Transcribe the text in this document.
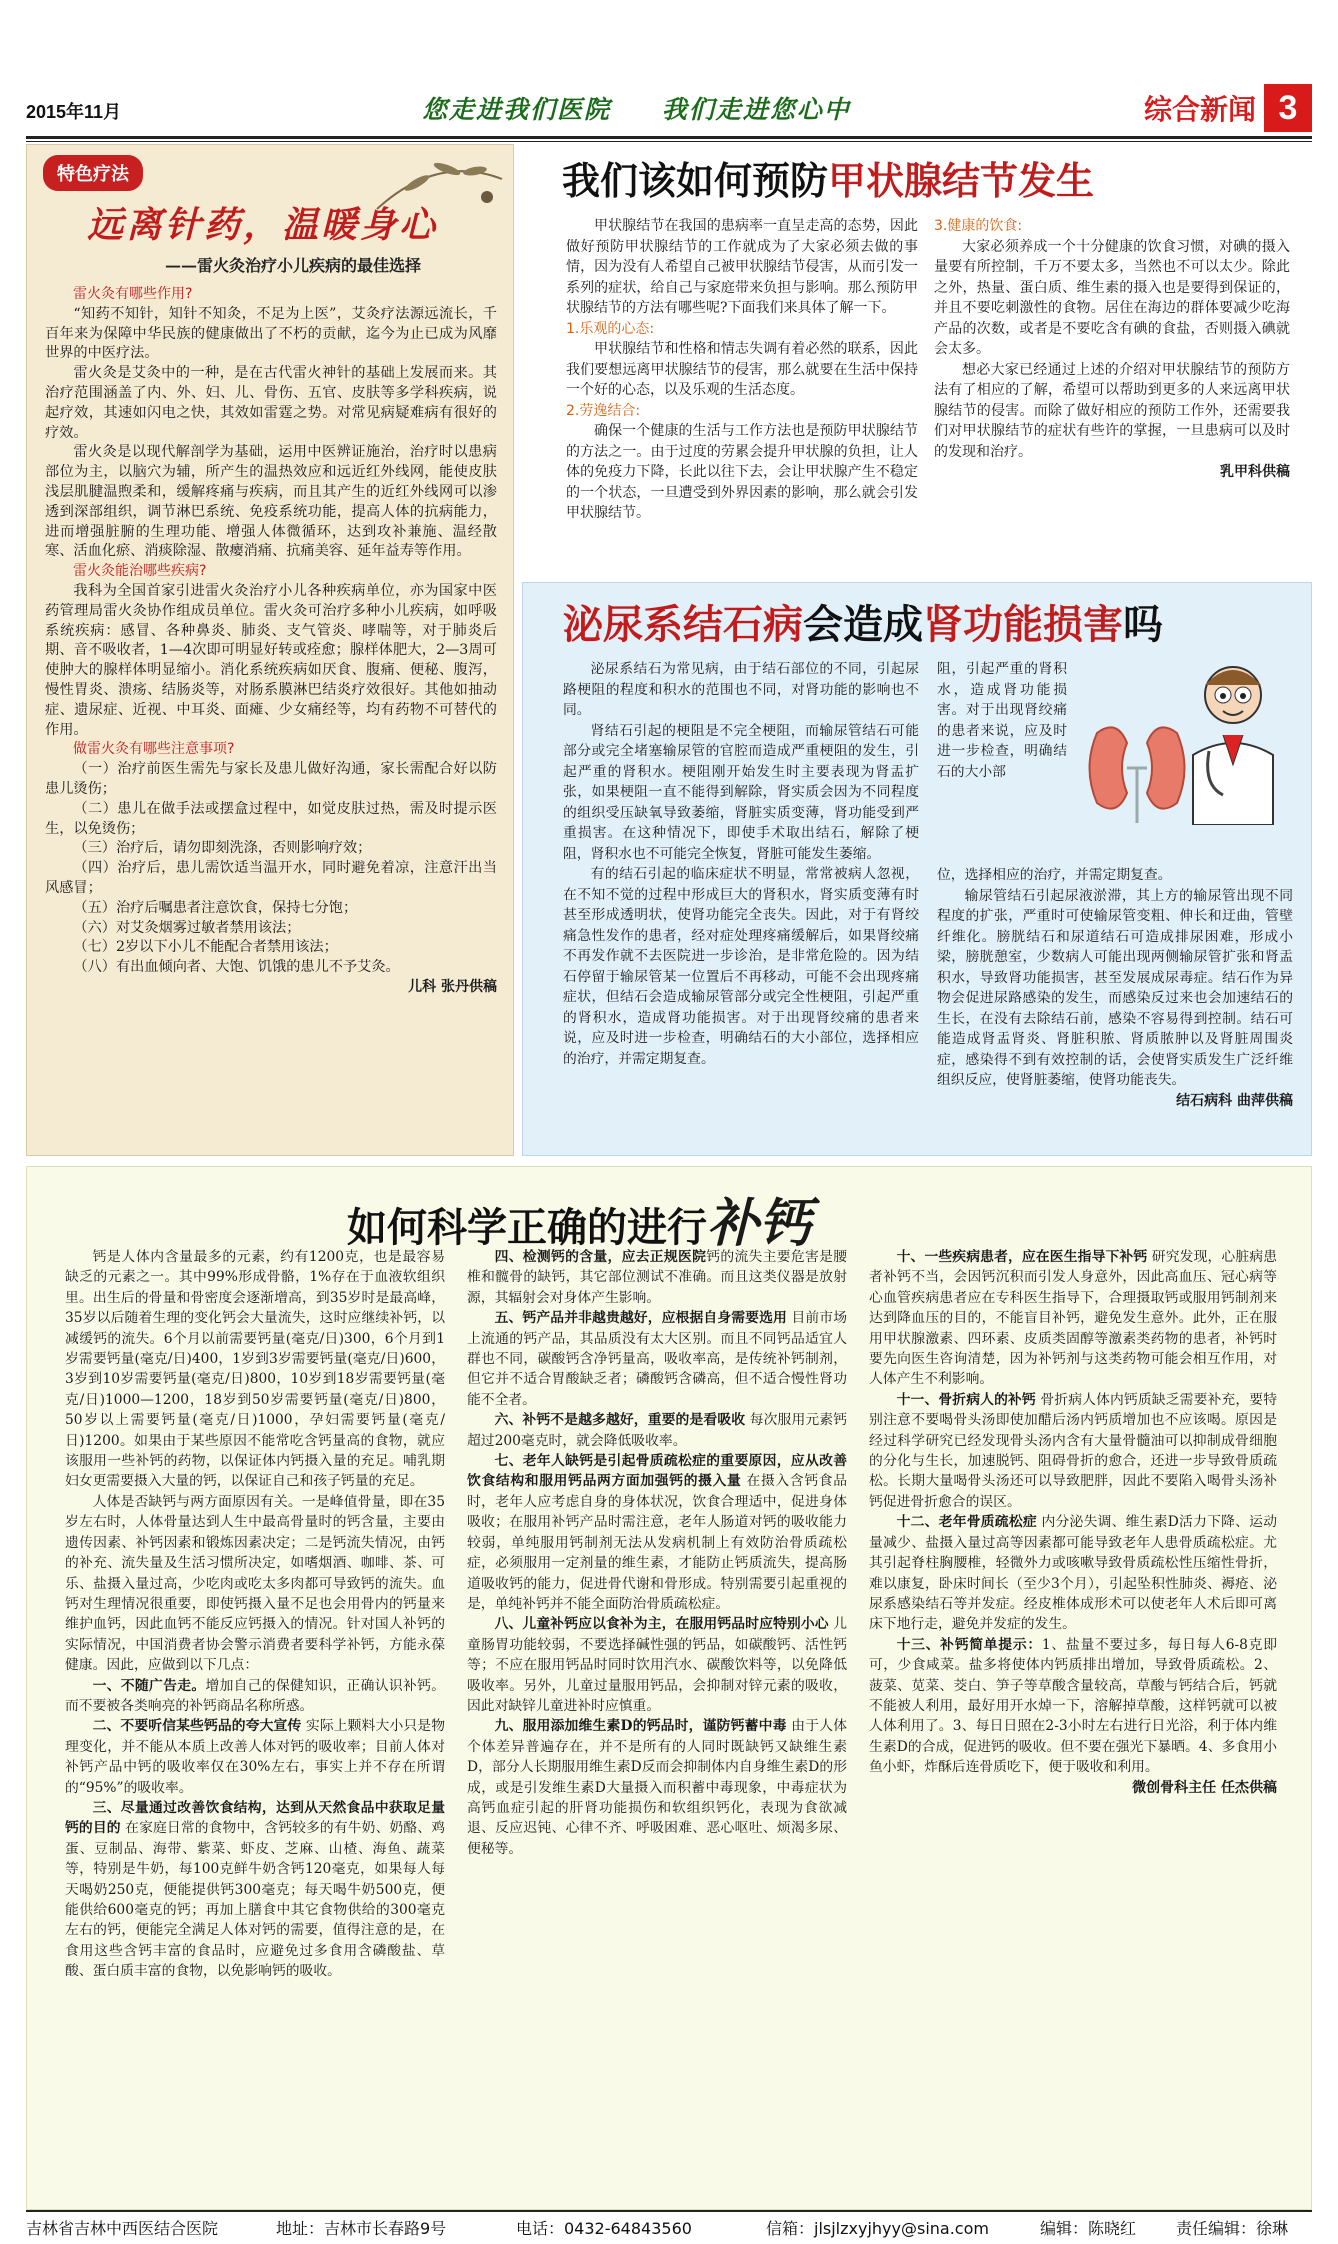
2015年11月	您走进我们医院 我们走进您心中	综合新闻 3
特色疗法
远离针药，温暖身心
——雷火灸治疗小儿疾病的最佳选择
雷火灸有哪些作用?

“知药不知针，知针不知灸，不足为上医”，艾灸疗法源远流长，千百年来为保障中华民族的健康做出了不朽的贡献，迄今为止已成为风靡世界的中医疗法。

雷火灸是艾灸中的一种，是在古代雷火神针的基础上发展而来。其治疗范围涵盖了内、外、妇、儿、骨伤、五官、皮肤等多学科疾病，说起疗效，其速如闪电之快，其效如雷霆之势。对常见病疑难病有很好的疗效。

雷火灸是以现代解剖学为基础，运用中医辨证施治，治疗时以患病部位为主，以脑穴为辅，所产生的温热效应和远近红外线网，能使皮肤浅层肌腱温煦柔和，缓解疼痛与疾病，而且其产生的近红外线网可以渗透到深部组织，调节淋巴系统、免疫系统功能，提高人体的抗病能力，进而增强脏腑的生理功能、增强人体微循环，达到攻补兼施、温经散寒、活血化瘀、消痰除湿、散瘿消痛、抗痛美容、延年益寿等作用。

雷火灸能治哪些疾病?

我科为全国首家引进雷火灸治疗小儿各种疾病单位，亦为国家中医药管理局雷火灸协作组成员单位。雷火灸可治疗多种小儿疾病，如呼吸系统疾病：感冒、各种鼻炎、肺炎、支气管炎、哮喘等，对于肺炎后期、音不吸收者，1—4次即可明显好转或痊愈；腺样体肥大，2—3周可使肿大的腺样体明显缩小。消化系统疾病如厌食、腹痛、便秘、腹泻，慢性胃炎、溃疡、结肠炎等，对肠系膜淋巴结炎疗效很好。其他如抽动症、遗尿症、近视、中耳炎、面瘫、少女痛经等，均有药物不可替代的作用。

做雷火灸有哪些注意事项?

（一）治疗前医生需先与家长及患儿做好沟通，家长需配合好以防患儿烫伤；

（二）患儿在做手法或摆盒过程中，如觉皮肤过热，需及时提示医生，以免烫伤；

（三）治疗后，请勿即刻洗涤，否则影响疗效；

（四）治疗后，患儿需饮适当温开水，同时避免着凉，注意汗出当风感冒；

（五）治疗后嘱患者注意饮食，保持七分饱；

（六）对艾灸烟雾过敏者禁用该法；

（七）2岁以下小儿不能配合者禁用该法；

（八）有出血倾向者、大饱、饥饿的患儿不予艾灸。

儿科 张丹供稿
我们该如何预防甲状腺结节发生

甲状腺结节在我国的患病率一直呈走高的态势，因此做好预防甲状腺结节的工作就成为了大家必须去做的事情，因为没有人希望自己被甲状腺结节侵害，从而引发一系列的症状，给自己与家庭带来负担与影响。那么预防甲状腺结节的方法有哪些呢?下面我们来具体了解一下。

1.乐观的心态:

甲状腺结节和性格和情志失调有着必然的联系，因此我们要想远离甲状腺结节的侵害，那么就要在生活中保持一个好的心态，以及乐观的生活态度。

2.劳逸结合:

确保一个健康的生活与工作方法也是预防甲状腺结节的方法之一。由于过度的劳累会提升甲状腺的负担，让人体的免疫力下降，长此以往下去，会让甲状腺产生不稳定的一个状态，一旦遭受到外界因素的影响，那么就会引发甲状腺结节。

3.健康的饮食:

大家必须养成一个十分健康的饮食习惯，对碘的摄入量要有所控制，千万不要太多，当然也不可以太少。除此之外，热量、蛋白质、维生素的摄入也是要得到保证的，并且不要吃刺激性的食物。居住在海边的群体要减少吃海产品的次数，或者是不要吃含有碘的食盐，否则摄入碘就会太多。

想必大家已经通过上述的介绍对甲状腺结节的预防方法有了相应的了解，希望可以帮助到更多的人来远离甲状腺结节的侵害。而除了做好相应的预防工作外，还需要我们对甲状腺结节的症状有些许的掌握，一旦患病可以及时的发现和治疗。

乳甲科供稿
泌尿系结石病会造成肾功能损害吗

泌尿系结石为常见病，由于结石部位的不同，引起尿路梗阻的程度和积水的范围也不同，对肾功能的影响也不同。

肾结石引起的梗阻是不完全梗阻，而输尿管结石可能部分或完全堵塞输尿管的官腔而造成严重梗阻的发生，引起严重的肾积水。梗阻刚开始发生时主要表现为肾盂扩张，如果梗阻一直不能得到解除，肾实质会因为不同程度的组织受压缺氧导致萎缩，肾脏实质变薄，肾功能受到严重损害。在这种情况下，即使手术取出结石，解除了梗阻，肾积水也不可能完全恢复，肾脏可能发生萎缩。

有的结石引起的临床症状不明显，常常被病人忽视，在不知不觉的过程中形成巨大的肾积水，肾实质变薄有时甚至形成透明状，使肾功能完全丧失。因此，对于有肾绞痛急性发作的患者，经对症处理疼痛缓解后，如果肾绞痛不再发作就不去医院进一步诊治，是非常危险的。因为结石停留于输尿管某一位置后不再移动，可能不会出现疼痛症状，但结石会造成输尿管部分或完全性梗阻，引起严重的肾积水，造成肾功能损害。对于出现肾绞痛的患者来说，应及时进一步检查，明确结石的大小部位，选择相应的治疗，并需定期复查。

阻，引起严重的肾积水，造成肾功能损害。对于出现肾绞痛的患者来说，应及时进一步检查，明确结石的大小部

位，选择相应的治疗，并需定期复查。

输尿管结石引起尿液淤滞，其上方的输尿管出现不同程度的扩张，严重时可使输尿管变粗、伸长和迂曲，管壁纤维化。膀胱结石和尿道结石可造成排尿困难，形成小梁，膀胱憩室，少数病人可能出现两侧输尿管扩张和肾盂积水，导致肾功能损害，甚至发展成尿毒症。结石作为异物会促进尿路感染的发生，而感染反过来也会加速结石的生长，在没有去除结石前，感染不容易得到控制。结石可能造成肾盂肾炎、肾脏积脓、肾质脓肿以及肾脏周围炎症，感染得不到有效控制的话，会使肾实质发生广泛纤维组织反应，使肾脏萎缩，使肾功能丧失。

结石病科 曲萍供稿
如何科学正确的进行补钙

钙是人体内含量最多的元素，约有1200克，也是最容易缺乏的元素之一。其中99%形成骨骼，1%存在于血液软组织里。出生后的骨量和骨密度会逐渐增高，到35岁时是最高峰，35岁以后随着生理的变化钙会大量流失，这时应继续补钙，以减缓钙的流失。6个月以前需要钙量(毫克/日)300，6个月到1岁需要钙量(毫克/日)400，1岁到3岁需要钙量(毫克/日)600，3岁到10岁需要钙量(毫克/日)800，10岁到18岁需要钙量(毫克/日)1000—1200，18岁到50岁需要钙量(毫克/日)800，50岁以上需要钙量(毫克/日)1000，孕妇需要钙量(毫克/日)1200。如果由于某些原因不能常吃含钙量高的食物，就应该服用一些补钙的药物，以保证体内钙摄入量的充足。哺乳期妇女更需要摄入大量的钙，以保证自己和孩子钙量的充足。

人体是否缺钙与两方面原因有关。一是峰值骨量，即在35岁左右时，人体骨量达到人生中最高骨量时的钙含量，主要由遗传因素、补钙因素和锻炼因素决定；二是钙流失情况，由钙的补充、流失量及生活习惯所决定，如嗜烟酒、咖啡、茶、可乐、盐摄入量过高，少吃肉或吃太多肉都可导致钙的流失。血钙对生理情况很重要，即使钙摄入量不足也会用骨内的钙量来维护血钙，因此血钙不能反应钙摄入的情况。针对国人补钙的实际情况，中国消费者协会警示消费者要科学补钙，方能永葆健康。因此，应做到以下几点：

一、不随广告走。增加自己的保健知识，正确认识补钙。而不要被各类响亮的补钙商品名称所惑。

二、不要听信某些钙品的夸大宣传 实际上颗料大小只是物理变化，并不能从本质上改善人体对钙的吸收率；目前人体对补钙产品中钙的吸收率仅在30%左右，事实上并不存在所谓的“95%”的吸收率。

三、尽量通过改善饮食结构，达到从天然食品中获取足量钙的目的 在家庭日常的食物中，含钙较多的有牛奶、奶酪、鸡蛋、豆制品、海带、紫菜、虾皮、芝麻、山楂、海鱼、蔬菜等，特别是牛奶，每100克鲜牛奶含钙120毫克，如果每人每天喝奶250克，便能提供钙300毫克；每天喝牛奶500克，便能供给600毫克的钙；再加上膳食中其它食物供给的300毫克左右的钙，便能完全满足人体对钙的需要，值得注意的是，在食用这些含钙丰富的食品时，应避免过多食用含磷酸盐、草酸、蛋白质丰富的食物，以免影响钙的吸收。

四、检测钙的含量，应去正规医院钙的流失主要危害是腰椎和髋骨的缺钙，其它部位测试不准确。而且这类仪器是放射源，其辐射会对身体产生影响。

五、钙产品并非越贵越好，应根据自身需要选用 目前市场上流通的钙产品，其品质没有太大区别。而且不同钙品适宜人群也不同，碳酸钙含净钙量高，吸收率高，是传统补钙制剂，但它并不适合胃酸缺乏者；磷酸钙含磷高，但不适合慢性肾功能不全者。

六、补钙不是越多越好，重要的是看吸收 每次服用元素钙超过200毫克时，就会降低吸收率。

七、老年人缺钙是引起骨质疏松症的重要原因，应从改善饮食结构和服用钙品两方面加强钙的摄入量 在摄入含钙食品时，老年人应考虑自身的身体状况，饮食合理适中，促进身体吸收；在服用补钙产品时需注意，老年人肠道对钙的吸收能力较弱，单纯服用钙制剂无法从发病机制上有效防治骨质疏松症，必须服用一定剂量的维生素，才能防止钙质流失，提高肠道吸收钙的能力，促进骨代谢和骨形成。特别需要引起重视的是，单纯补钙并不能全面防治骨质疏松症。

八、儿童补钙应以食补为主，在服用钙品时应特别小心 儿童肠胃功能较弱，不要选择碱性强的钙品，如碳酸钙、活性钙等；不应在服用钙品时同时饮用汽水、碳酸饮料等，以免降低吸收率。另外，儿童过量服用钙品，会抑制对锌元素的吸收，因此对缺锌儿童进补时应慎重。

九、服用添加维生素D的钙品时，谨防钙蓄中毒 由于人体个体差异普遍存在，并不是所有的人同时既缺钙又缺维生素D，部分人长期服用维生素D反而会抑制体内自身维生素D的形成，或是引发维生素D大量摄入而积蓄中毒现象，中毒症状为高钙血症引起的肝肾功能损伤和软组织钙化，表现为食欲减退、反应迟钝、心律不齐、呼吸困难、恶心呕吐、烦渴多尿、便秘等。

十、一些疾病患者，应在医生指导下补钙 研究发现，心脏病患者补钙不当，会因钙沉积而引发人身意外，因此高血压、冠心病等心血管疾病患者应在专科医生指导下，合理摄取钙或服用钙制剂来达到降血压的目的，不能盲目补钙，避免发生意外。此外，正在服用甲状腺激素、四环素、皮质类固醇等激素类药物的患者，补钙时要先向医生咨询清楚，因为补钙剂与这类药物可能会相互作用，对人体产生不利影响。

十一、骨折病人的补钙 骨折病人体内钙质缺乏需要补充，要特别注意不要喝骨头汤即使加醋后汤内钙质增加也不应该喝。原因是经过科学研究已经发现骨头汤内含有大量骨髓油可以抑制成骨细胞的分化与生长，加速脱钙、阻碍骨折的愈合，还进一步导致骨质疏松。长期大量喝骨头汤还可以导致肥胖，因此不要陷入喝骨头汤补钙促进骨折愈合的误区。

十二、老年骨质疏松症 内分泌失调、维生素D活力下降、运动量减少、盐摄入量过高等因素都可能导致老年人患骨质疏松症。尤其引起脊柱胸腰椎，轻微外力或咳嗽导致骨质疏松性压缩性骨折，难以康复，卧床时间长（至少3个月），引起坠积性肺炎、褥疮、泌尿系感染结石等并发症。经皮椎体成形术可以使老年人术后即可离床下地行走，避免并发症的发生。

十三、补钙简单提示：1、盐量不要过多，每日每人6-8克即可，少食咸菜。盐多将使体内钙质排出增加，导致骨质疏松。2、菠菜、苋菜、茭白、笋子等草酸含量较高，草酸与钙结合后，钙就不能被人利用，最好用开水焯一下，溶解掉草酸，这样钙就可以被人体利用了。3、每日日照在2-3小时左右进行日光浴，利于体内维生素D的合成，促进钙的吸收。但不要在强光下暴晒。4、多食用小鱼小虾，炸酥后连骨质吃下，便于吸收和利用。

微创骨科主任 任杰供稿
吉林省吉林中西医结合医院	地址：吉林市长春路9号	电话：0432-64843560	信箱：jlsjlzxyjhyy@sina.com	编辑：陈晓红 责任编辑：徐琳
